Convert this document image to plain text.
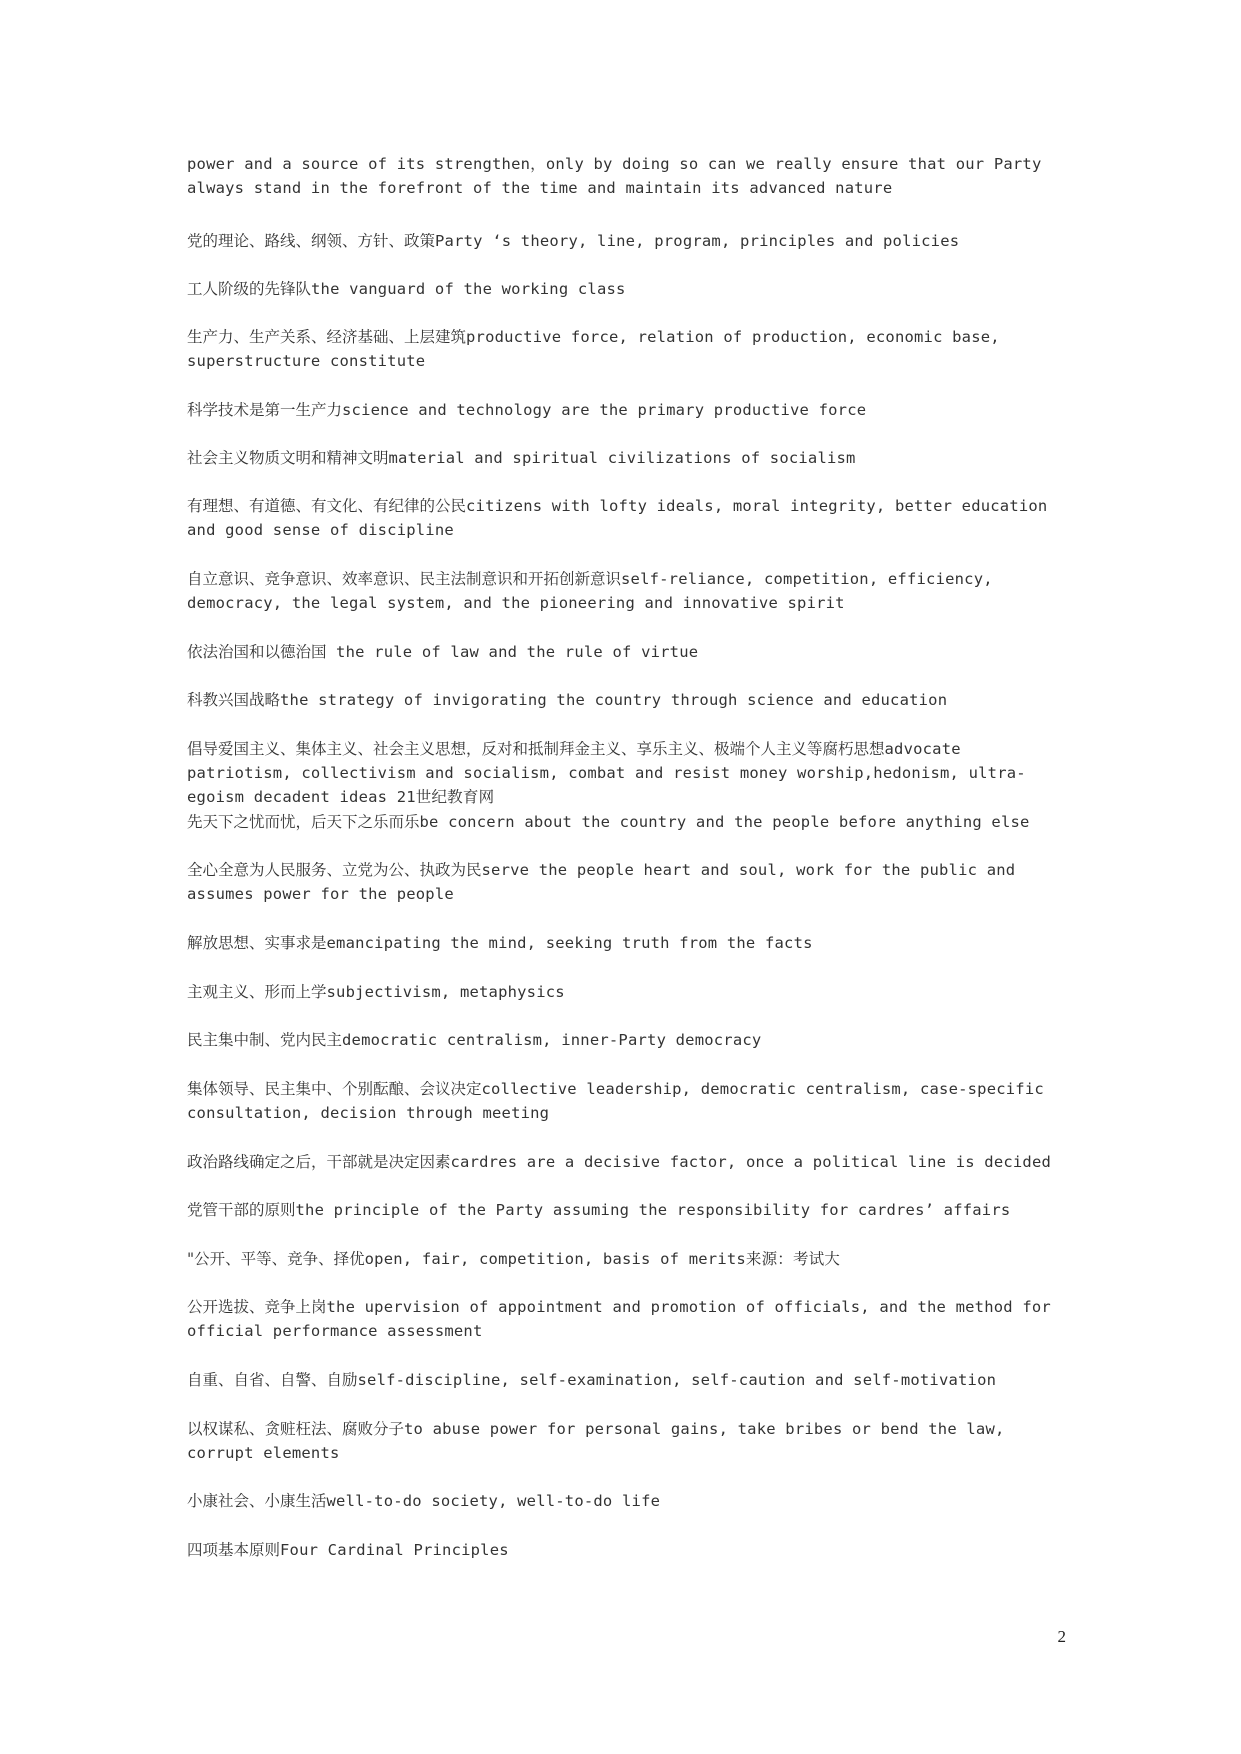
power and a source of its strengthen，only by doing so can we really ensure that our Party always stand in the forefront of the time and maintain its advanced nature

党的理论、路线、纲领、方针、政策Party ‘s theory, line, program, principles and policies

工人阶级的先锋队the vanguard of the working class

生产力、生产关系、经济基础、上层建筑productive force, relation of production, economic base, superstructure constitute

科学技术是第一生产力science and technology are the primary productive force

社会主义物质文明和精神文明material and spiritual civilizations of socialism

有理想、有道德、有文化、有纪律的公民citizens with lofty ideals, moral integrity, better education and good sense of discipline

自立意识、竞争意识、效率意识、民主法制意识和开拓创新意识self-reliance, competition, efficiency, democracy, the legal system, and the pioneering and innovative spirit

依法治国和以德治国 the rule of law and the rule of virtue

科教兴国战略the strategy of invigorating the country through science and education

倡导爱国主义、集体主义、社会主义思想，反对和抵制拜金主义、享乐主义、极端个人主义等腐朽思想advocate patriotism, collectivism and socialism, combat and resist money worship,hedonism, ultra-egoism decadent ideas 21世纪教育网

先天下之忧而忧，后天下之乐而乐be concern about the country and the people before anything else

全心全意为人民服务、立党为公、执政为民serve the people heart and soul, work for the public and assumes power for the people

解放思想、实事求是emancipating the mind, seeking truth from the facts

主观主义、形而上学subjectivism, metaphysics

民主集中制、党内民主democratic centralism, inner-Party democracy

集体领导、民主集中、个别酝酿、会议决定collective leadership, democratic centralism, case-specific consultation, decision through meeting

政治路线确定之后，干部就是决定因素cardres are a decisive factor, once a political line is decided

党管干部的原则the principle of the Party assuming the responsibility for cardres’ affairs

"公开、平等、竞争、择优open, fair, competition, basis of merits来源：考试大

公开选拔、竞争上岗the upervision of appointment and promotion of officials, and the method for official performance assessment

自重、自省、自警、自励self-discipline, self-examination, self-caution and self-motivation

以权谋私、贪赃枉法、腐败分子to abuse power for personal gains, take bribes or bend the law, corrupt elements

小康社会、小康生活well-to-do society, well-to-do life

四项基本原则Four Cardinal Principles

2
